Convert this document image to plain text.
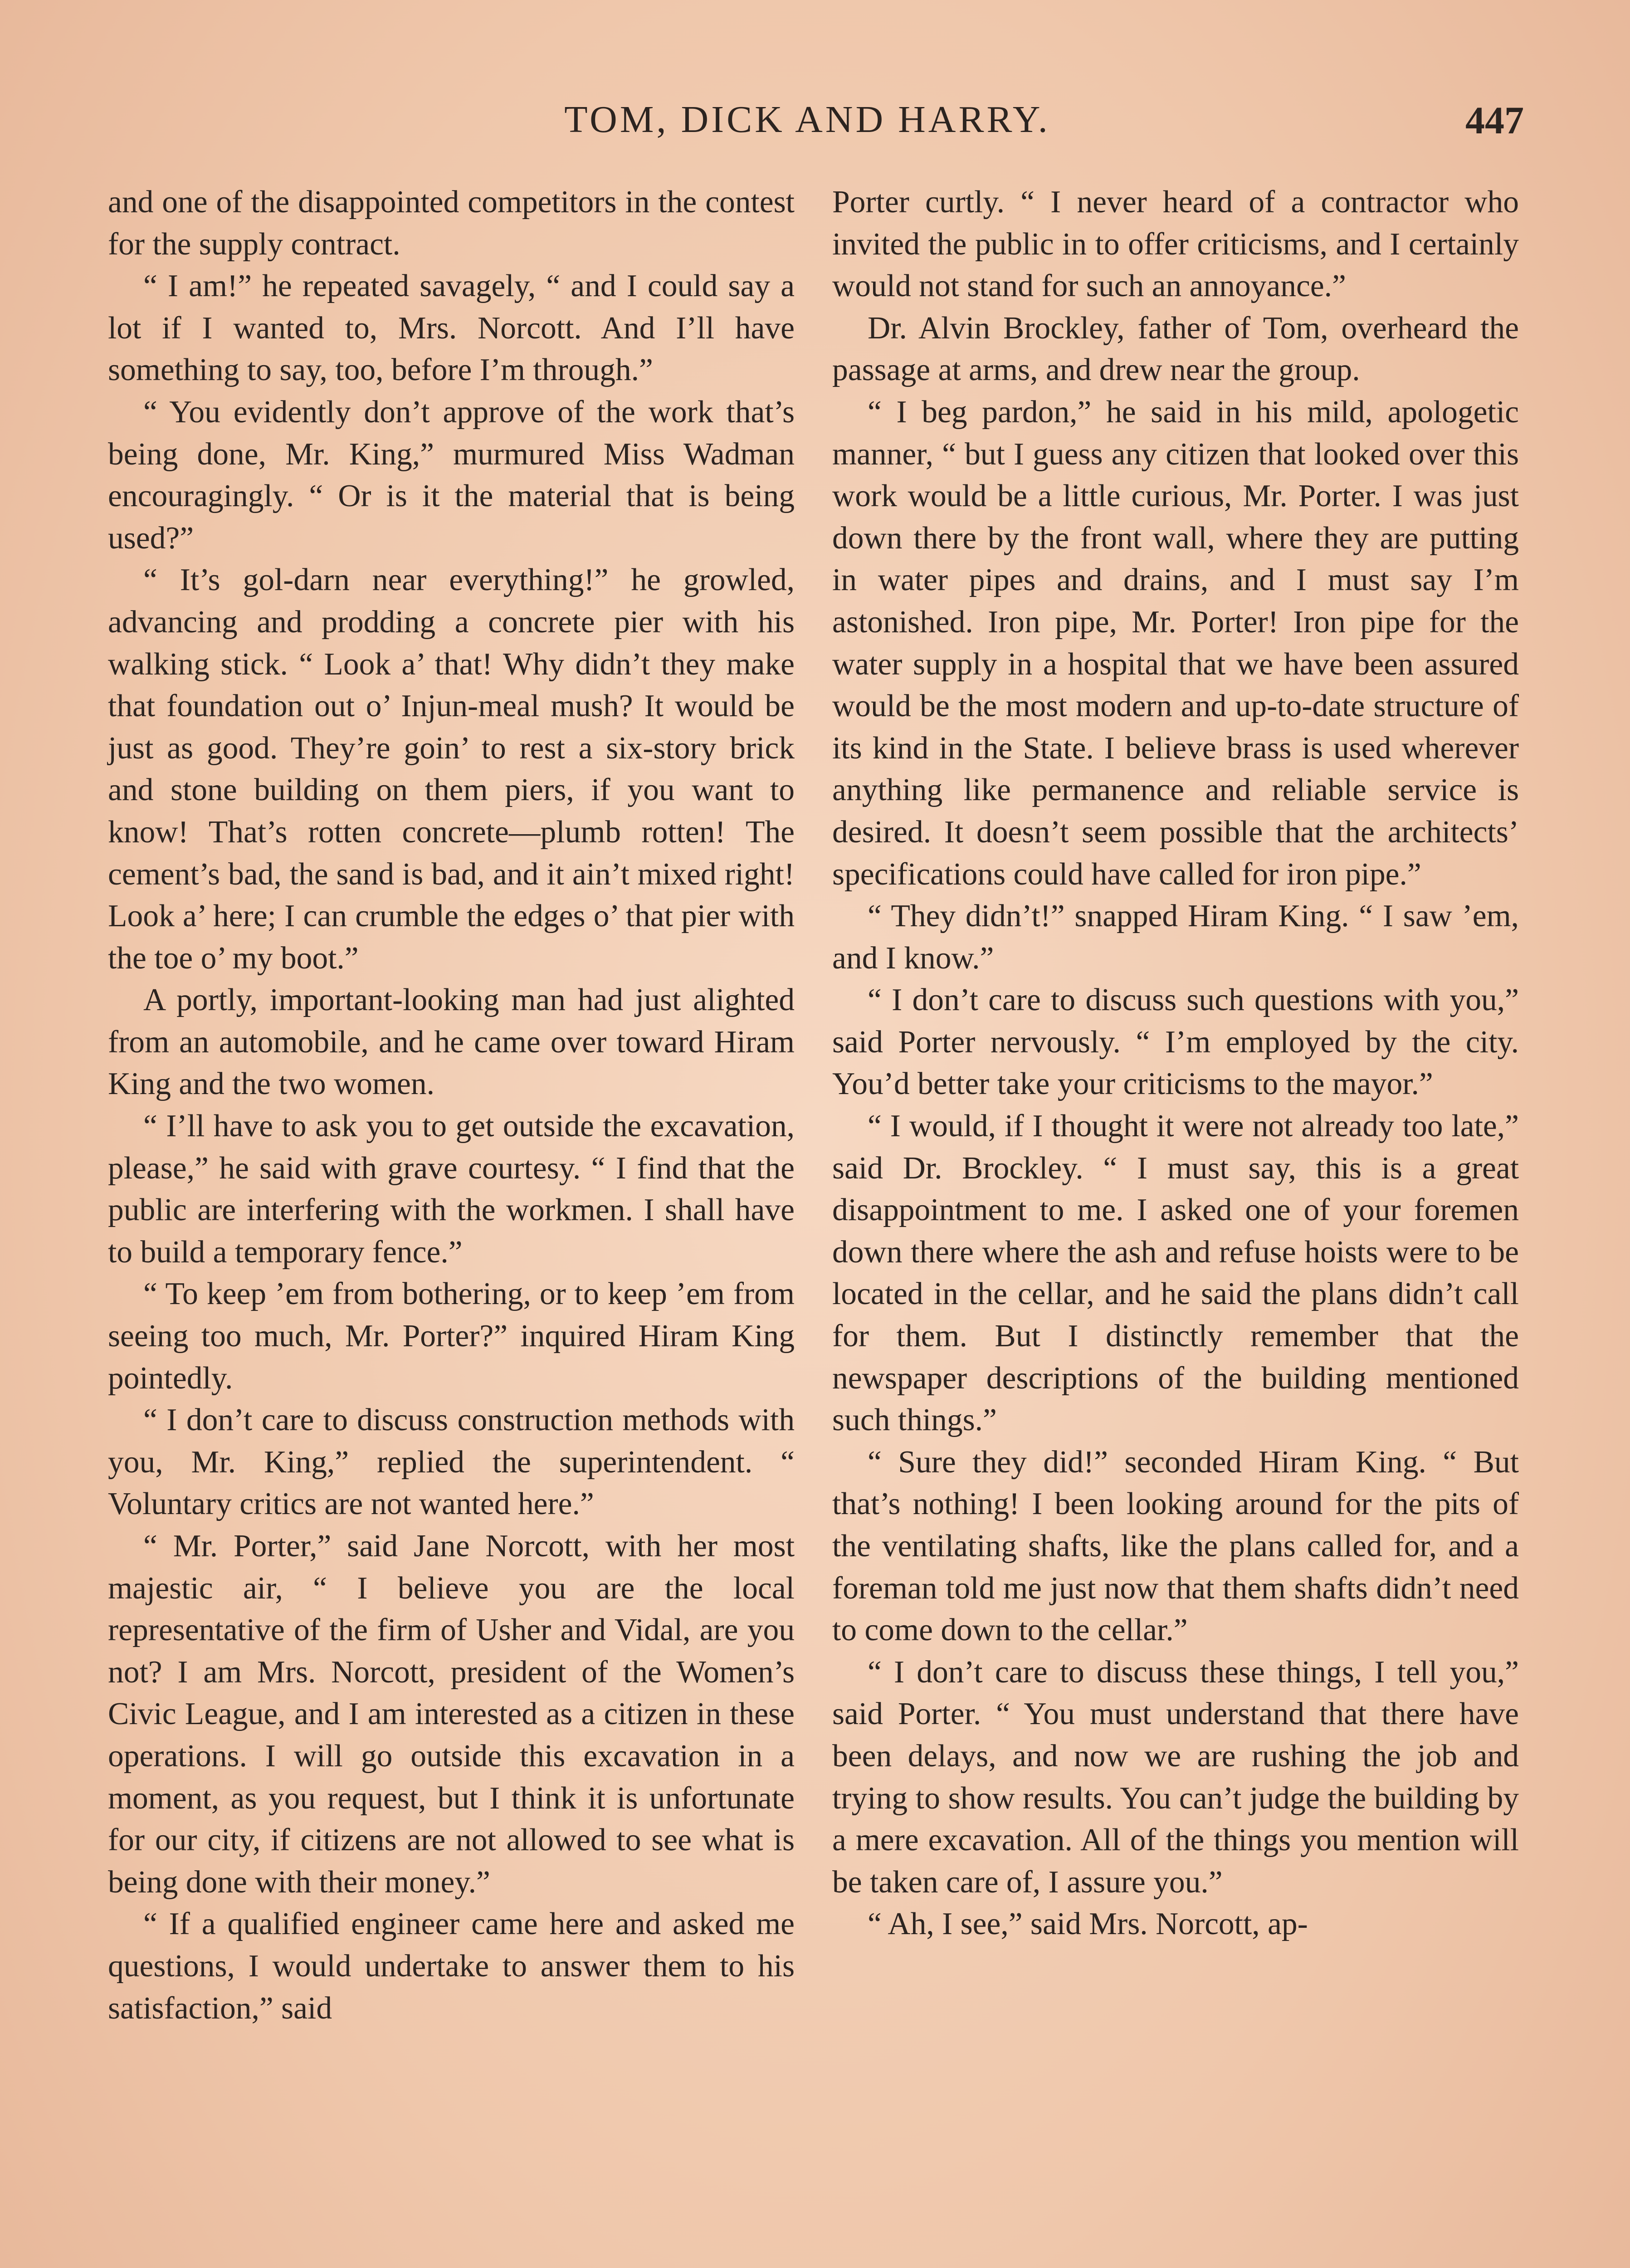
TOM, DICK AND HARRY.	447

and one of the disappointed competitors in the contest for the supply contract.

“ I am!” he repeated savagely, “ and I could say a lot if I wanted to, Mrs. Norcott. And I’ll have something to say, too, before I’m through.”

“ You evidently don’t approve of the work that’s being done, Mr. King,” murmured Miss Wadman encouragingly. “ Or is it the material that is being used?”

“ It’s gol-darn near everything!” he growled, advancing and prodding a concrete pier with his walking stick. “ Look a’ that! Why didn’t they make that foundation out o’ Injun-meal mush? It would be just as good. They’re goin’ to rest a six-story brick and stone building on them piers, if you want to know! That’s rotten concrete—plumb rotten! The cement’s bad, the sand is bad, and it ain’t mixed right! Look a’ here; I can crumble the edges o’ that pier with the toe o’ my boot.”

A portly, important-looking man had just alighted from an automobile, and he came over toward Hiram King and the two women.

“ I’ll have to ask you to get outside the excavation, please,” he said with grave courtesy. “ I find that the public are interfering with the workmen. I shall have to build a temporary fence.”

“ To keep ’em from bothering, or to keep ’em from seeing too much, Mr. Porter?” inquired Hiram King pointedly.

“ I don’t care to discuss construction methods with you, Mr. King,” replied the superintendent. “ Voluntary critics are not wanted here.”

“ Mr. Porter,” said Jane Norcott, with her most majestic air, “ I believe you are the local representative of the firm of Usher and Vidal, are you not? I am Mrs. Norcott, president of the Women’s Civic League, and I am interested as a citizen in these operations. I will go outside this excavation in a moment, as you request, but I think it is unfortunate for our city, if citizens are not allowed to see what is being done with their money.”

“ If a qualified engineer came here and asked me questions, I would undertake to answer them to his satisfaction,” said

Porter curtly. “ I never heard of a contractor who invited the public in to offer criticisms, and I certainly would not stand for such an annoyance.”

Dr. Alvin Brockley, father of Tom, overheard the passage at arms, and drew near the group.

“ I beg pardon,” he said in his mild, apologetic manner, “ but I guess any citizen that looked over this work would be a little curious, Mr. Porter. I was just down there by the front wall, where they are putting in water pipes and drains, and I must say I’m astonished. Iron pipe, Mr. Porter! Iron pipe for the water supply in a hospital that we have been assured would be the most modern and up-to-date structure of its kind in the State. I believe brass is used wherever anything like permanence and reliable service is desired. It doesn’t seem possible that the architects’ specifications could have called for iron pipe.”

“ They didn’t!” snapped Hiram King. “ I saw ’em, and I know.”

“ I don’t care to discuss such questions with you,” said Porter nervously. “ I’m employed by the city. You’d better take your criticisms to the mayor.”

“ I would, if I thought it were not already too late,” said Dr. Brockley. “ I must say, this is a great disappointment to me. I asked one of your foremen down there where the ash and refuse hoists were to be located in the cellar, and he said the plans didn’t call for them. But I distinctly remember that the newspaper descriptions of the building mentioned such things.”

“ Sure they did!” seconded Hiram King. “ But that’s nothing! I been looking around for the pits of the ventilating shafts, like the plans called for, and a foreman told me just now that them shafts didn’t need to come down to the cellar.”

“ I don’t care to discuss these things, I tell you,” said Porter. “ You must understand that there have been delays, and now we are rushing the job and trying to show results. You can’t judge the building by a mere excavation. All of the things you mention will be taken care of, I assure you.”

“ Ah, I see,” said Mrs. Norcott, ap-
